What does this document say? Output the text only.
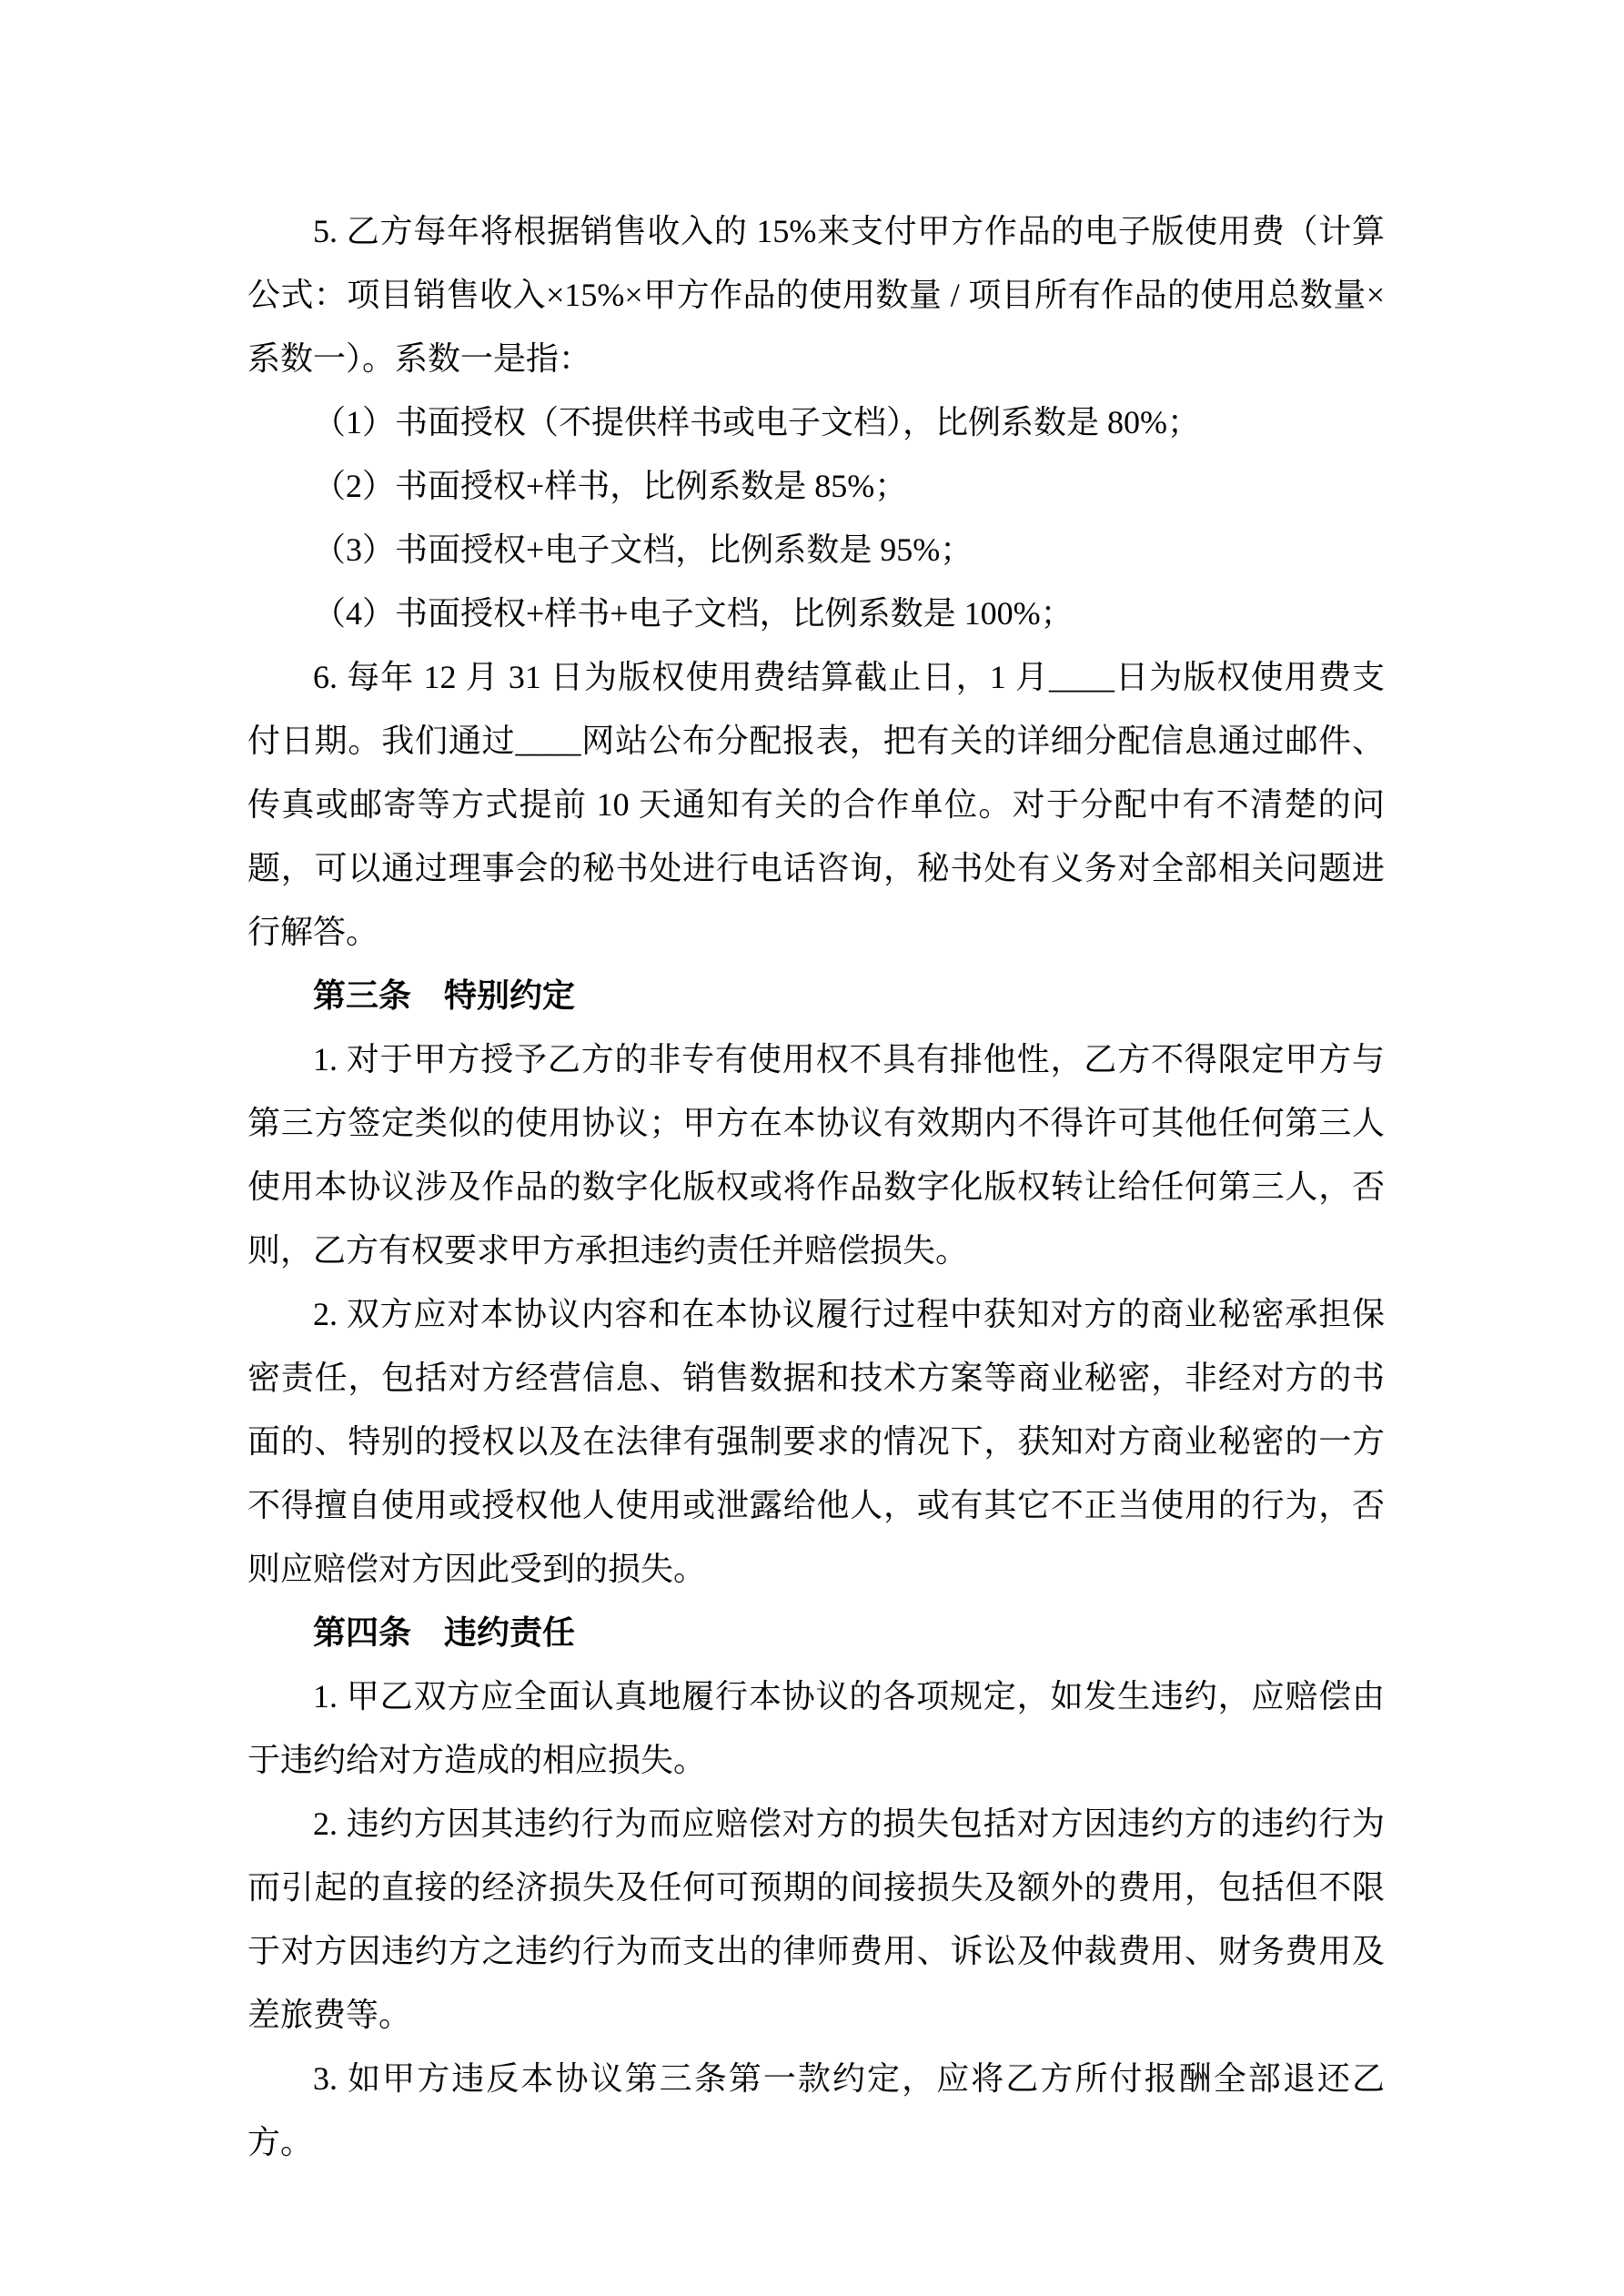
5. 乙方每年将根据销售收入的 15%来支付甲方作品的电子版使用费（计算公式：项目销售收入×15%×甲方作品的使用数量 / 项目所有作品的使用总数量×系数一）。系数一是指：

（1）书面授权（不提供样书或电子文档），比例系数是 80%；

（2）书面授权+样书，比例系数是 85%；

（3）书面授权+电子文档，比例系数是 95%；

（4）书面授权+样书+电子文档，比例系数是 100%；

6. 每年 12 月 31 日为版权使用费结算截止日，1 月____日为版权使用费支付日期。我们通过____网站公布分配报表，把有关的详细分配信息通过邮件、传真或邮寄等方式提前 10 天通知有关的合作单位。对于分配中有不清楚的问题，可以通过理事会的秘书处进行电话咨询，秘书处有义务对全部相关问题进行解答。

第三条　特别约定

1. 对于甲方授予乙方的非专有使用权不具有排他性，乙方不得限定甲方与第三方签定类似的使用协议；甲方在本协议有效期内不得许可其他任何第三人使用本协议涉及作品的数字化版权或将作品数字化版权转让给任何第三人，否则，乙方有权要求甲方承担违约责任并赔偿损失。

2. 双方应对本协议内容和在本协议履行过程中获知对方的商业秘密承担保密责任，包括对方经营信息、销售数据和技术方案等商业秘密，非经对方的书面的、特别的授权以及在法律有强制要求的情况下，获知对方商业秘密的一方不得擅自使用或授权他人使用或泄露给他人，或有其它不正当使用的行为，否则应赔偿对方因此受到的损失。

第四条　违约责任

1. 甲乙双方应全面认真地履行本协议的各项规定，如发生违约，应赔偿由于违约给对方造成的相应损失。

2. 违约方因其违约行为而应赔偿对方的损失包括对方因违约方的违约行为而引起的直接的经济损失及任何可预期的间接损失及额外的费用，包括但不限于对方因违约方之违约行为而支出的律师费用、诉讼及仲裁费用、财务费用及差旅费等。

3. 如甲方违反本协议第三条第一款约定，应将乙方所付报酬全部退还乙方。
